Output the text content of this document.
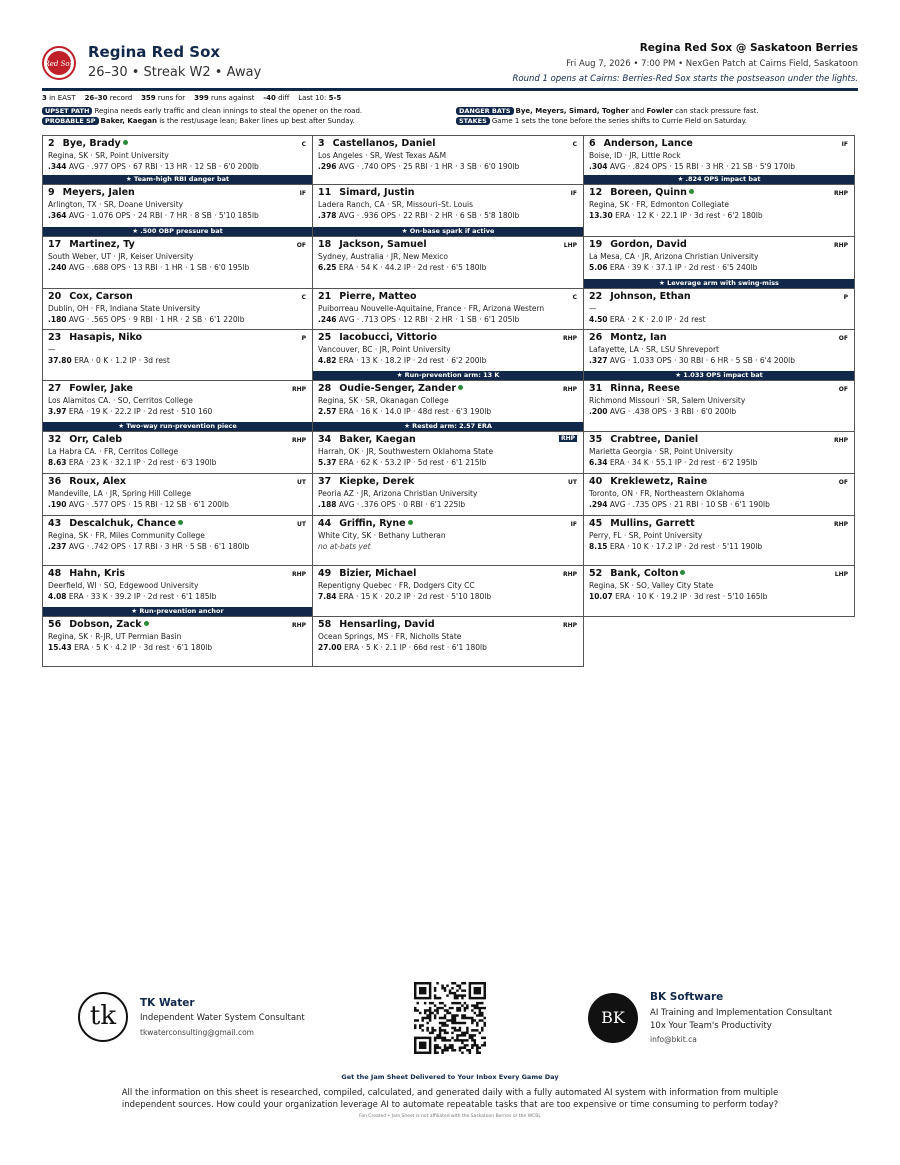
Red Sox
Regina Red Sox
26–30 • Streak W2 • Away
Regina Red Sox @ Saskatoon Berries
Fri Aug 7, 2026 • 7:00 PM • NexGen Patch at Cairns Field, Saskatoon
Round 1 opens at Cairns: Berries-Red Sox starts the postseason under the lights.
3 in EAST 26–30 record 359 runs for 399 runs against -40 diff Last 10: 5-5
UPSET PATH Regina needs early traffic and clean innings to steal the opener on the road.	DANGER BATS Bye, Meyers, Simard, Togher and Fowler can stack pressure fast.
PROBABLE SP Baker, Kaegan is the rest/usage lean; Baker lines up best after Sunday.	STAKES Game 1 sets the tone before the series shifts to Currie Field on Saturday.
2 Bye, Brady	C
Regina, SK · SR, Point University
.344 AVG · .977 OPS · 67 RBI · 13 HR · 12 SB · 6'0 200lb
★ Team-high RBI danger bat
3 Castellanos, Daniel	C
Los Angeles · SR, West Texas A&M
.296 AVG · .740 OPS · 25 RBI · 1 HR · 3 SB · 6'0 190lb
6 Anderson, Lance	IF
Boise, ID · JR, Little Rock
.304 AVG · .824 OPS · 15 RBI · 3 HR · 21 SB · 5'9 170lb
★ .824 OPS impact bat
9 Meyers, Jalen	IF
Arlington, TX · SR, Doane University
.364 AVG · 1.076 OPS · 24 RBI · 7 HR · 8 SB · 5'10 185lb
★ .500 OBP pressure bat
11 Simard, Justin	IF
Ladera Ranch, CA · SR, Missouri–St. Louis
.378 AVG · .936 OPS · 22 RBI · 2 HR · 6 SB · 5'8 180lb
★ On-base spark if active
12 Boreen, Quinn	RHP
Regina, SK · FR, Edmonton Collegiate
13.30 ERA · 12 K · 22.1 IP · 3d rest · 6'2 180lb
17 Martinez, Ty	OF
South Weber, UT · JR, Keiser University
.240 AVG · .688 OPS · 13 RBI · 1 HR · 1 SB · 6'0 195lb
18 Jackson, Samuel	LHP
Sydney, Australia · JR, New Mexico
6.25 ERA · 54 K · 44.2 IP · 2d rest · 6'5 180lb
19 Gordon, David	RHP
La Mesa, CA · JR, Arizona Christian University
5.06 ERA · 39 K · 37.1 IP · 2d rest · 6'5 240lb
★ Leverage arm with swing-miss
20 Cox, Carson	C
Dublin, OH · FR, Indiana State University
.180 AVG · .565 OPS · 9 RBI · 1 HR · 2 SB · 6'1 220lb
21 Pierre, Matteo	C
Puiborreau Nouvelle-Aquitaine, France · FR, Arizona Western
.246 AVG · .713 OPS · 12 RBI · 2 HR · 1 SB · 6'1 205lb
22 Johnson, Ethan	P
—
4.50 ERA · 2 K · 2.0 IP · 2d rest
23 Hasapis, Niko	P
—
37.80 ERA · 0 K · 1.2 IP · 3d rest
25 Iacobucci, Vittorio	RHP
Vancouver, BC · JR, Point University
4.82 ERA · 13 K · 18.2 IP · 2d rest · 6'2 200lb
★ Run-prevention arm: 13 K
26 Montz, Ian	OF
Lafayette, LA · SR, LSU Shreveport
.327 AVG · 1.033 OPS · 30 RBI · 6 HR · 5 SB · 6'4 200lb
★ 1.033 OPS impact bat
27 Fowler, Jake	RHP
Los Alamitos CA. · SO, Cerritos College
3.97 ERA · 19 K · 22.2 IP · 2d rest · 510 160
★ Two-way run-prevention piece
28 Oudie-Senger, Zander	RHP
Regina, SK · SR, Okanagan College
2.57 ERA · 16 K · 14.0 IP · 48d rest · 6'3 190lb
★ Rested arm: 2.57 ERA
31 Rinna, Reese	OF
Richmond Missouri · SR, Salem University
.200 AVG · .438 OPS · 3 RBI · 6'0 200lb
32 Orr, Caleb	RHP
La Habra CA. · FR, Cerritos College
8.63 ERA · 23 K · 32.1 IP · 2d rest · 6'3 190lb
34 Baker, Kaegan	RHP
Harrah, OK · JR, Southwestern Oklahoma State
5.37 ERA · 62 K · 53.2 IP · 5d rest · 6'1 215lb
35 Crabtree, Daniel	RHP
Marietta Georgia · SR, Point University
6.34 ERA · 34 K · 55.1 IP · 2d rest · 6'2 195lb
36 Roux, Alex	UT
Mandeville, LA · JR, Spring Hill College
.190 AVG · .577 OPS · 15 RBI · 12 SB · 6'1 200lb
37 Kiepke, Derek	UT
Peoria AZ · JR, Arizona Christian University
.188 AVG · .376 OPS · 0 RBI · 6'1 225lb
40 Kreklewetz, Raine	OF
Toronto, ON · FR, Northeastern Oklahoma
.294 AVG · .735 OPS · 21 RBI · 10 SB · 6'1 190lb
43 Descalchuk, Chance	UT
Regina, SK · FR, Miles Community College
.237 AVG · .742 OPS · 17 RBI · 3 HR · 5 SB · 6'1 180lb
44 Griffin, Ryne	IF
White City, SK · Bethany Lutheran
no at-bats yet
45 Mullins, Garrett	RHP
Perry, FL · SR, Point University
8.15 ERA · 10 K · 17.2 IP · 2d rest · 5'11 190lb
48 Hahn, Kris	RHP
Deerfield, WI · SO, Edgewood University
4.08 ERA · 33 K · 39.2 IP · 2d rest · 6'1 185lb
★ Run-prevention anchor
49 Bizier, Michael	RHP
Repentigny Quebec · FR, Dodgers City CC
7.84 ERA · 15 K · 20.2 IP · 2d rest · 5'10 180lb
52 Bank, Colton	LHP
Regina, SK · SO, Valley City State
10.07 ERA · 10 K · 19.2 IP · 3d rest · 5'10 165lb
56 Dobson, Zack	RHP
Regina, SK · R-JR, UT Permian Basin
15.43 ERA · 5 K · 4.2 IP · 3d rest · 6'1 180lb
58 Hensarling, David	RHP
Ocean Springs, MS · FR, Nicholls State
27.00 ERA · 5 K · 2.1 IP · 66d rest · 6'1 180lb
tk	TK Water
Independent Water System Consultant
tkwaterconsulting@gmail.com
BK
BK Software
AI Training and Implementation Consultant
10x Your Team's Productivity
info@bkit.ca
Get the Jam Sheet Delivered to Your Inbox Every Game Day
All the information on this sheet is researched, compiled, calculated, and generated daily with a fully automated AI system with information from multiple independent sources. How could your organization leverage AI to automate repeatable tasks that are too expensive or time consuming to perform today?
Fan Created • Jam Sheet is not affiliated with the Saskatoon Berries or the WCBL
